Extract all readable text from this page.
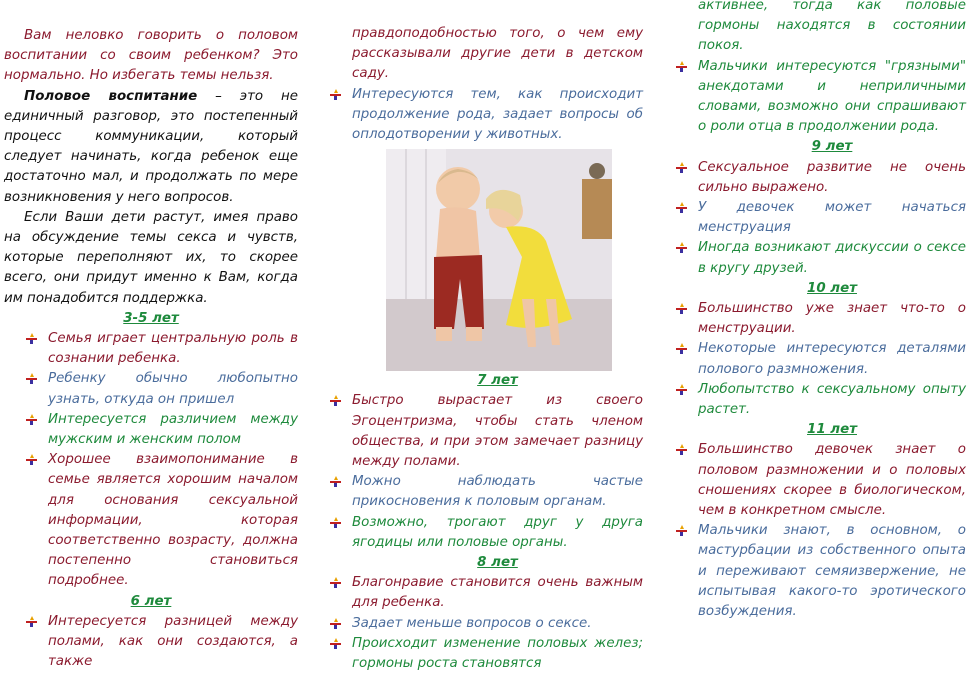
Вам неловко говорить о половом воспитании со своим ребенком? Это нормально. Но избегать темы нельзя.

Половое воспитание – это не единичный разговор, это постепенный процесс коммуникации, который следует начинать, когда ребенок еще достаточно мал, и продолжать по мере возникновения у него вопросов.

Если Ваши дети растут, имея право на обсуждение темы секса и чувств, которые переполняют их, то скорее всего, они придут именно к Вам, когда им понадобится поддержка.

3-5 лет

Семья играет центральную роль в сознании ребенка.
Ребенку обычно любопытно узнать, откуда он пришел
Интересуется различием между мужским и женским полом
Хорошее взаимопонимание в семье является хорошим началом для основания сексуальной информации, которая соответственно возрасту, должна постепенно становиться подробнее.

6 лет

Интересуется разницей между полами, как они создаются, а также
правдоподобностью того, о чем ему рассказывали другие дети в детском саду.
Интересуются тем, как происходит продолжение рода, задает вопросы об оплодотворении у животных.

7 лет

Быстро вырастает из своего Эгоцентризма, чтобы стать членом общества, и при этом замечает разницу между полами.
Можно наблюдать частые прикосновения к половым органам.
Возможно, трогают друг у друга ягодицы или половые органы.

8 лет

Благонравие становится очень важным для ребенка.
Задает меньше вопросов о сексе.
Происходит изменение половых желез; гормоны роста становятся
активнее, тогда как половые гормоны находятся в состоянии покоя.
Мальчики интересуются "грязными" анекдотами и неприличными словами, возможно они спрашивают о роли отца в продолжении рода.

9 лет

Сексуальное развитие не очень сильно выражено.
У девочек может начаться менструация
Иногда возникают дискуссии о сексе в кругу друзей.

10 лет

Большинство уже знает что-то о менструации.
Некоторые интересуются деталями полового размножения.
Любопытство к сексуальному опыту растет.

11 лет

Большинство девочек знает о половом размножении и о половых сношениях скорее в биологическом, чем в конкретном смысле.
Мальчики знают, в основном, о мастурбации из собственного опыта и переживают семяизвержение, не испытывая какого-то эротического возбуждения.
